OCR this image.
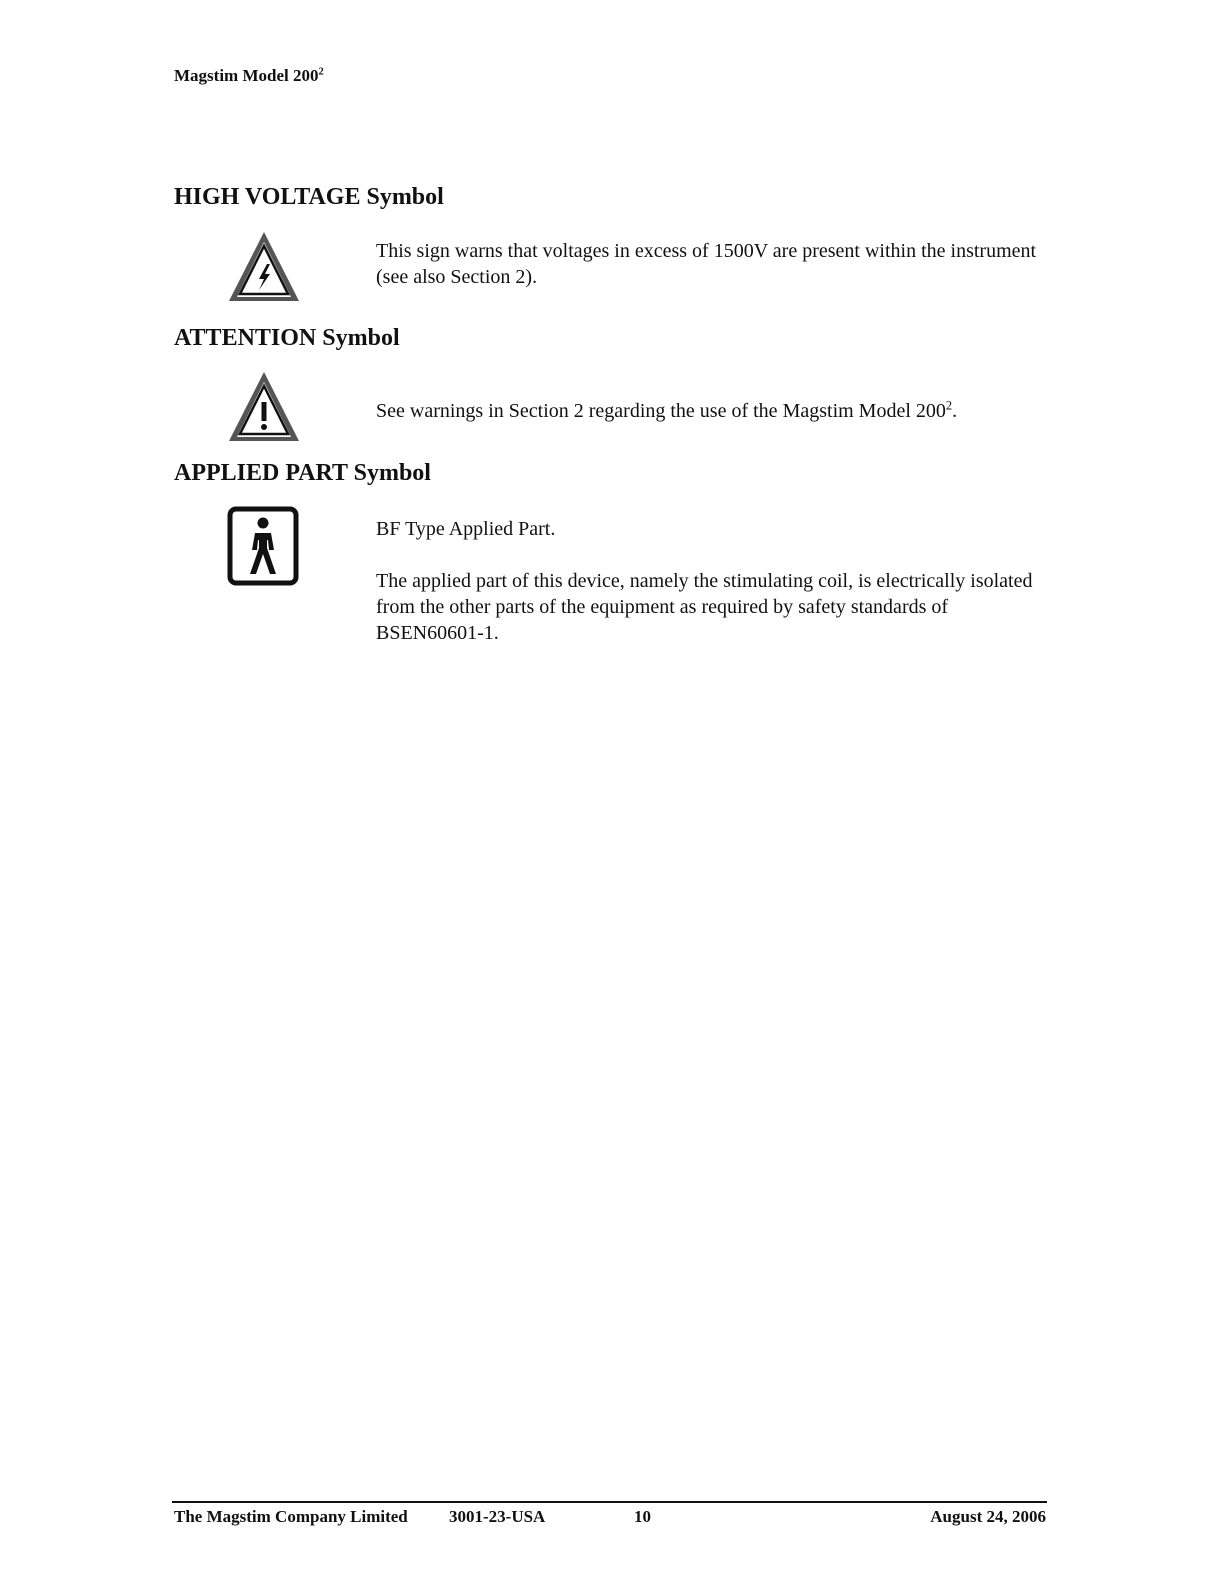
Magstim Model $200^2$
HIGH VOLTAGE Symbol

This sign warns that voltages in excess of 1500V are present within the instrument (see also Section 2).

ATTENTION Symbol

See warnings in Section 2 regarding the use of the Magstim Model $200^2$.

APPLIED PART Symbol

BF Type Applied Part.

The applied part of this device, namely the stimulating coil, is electrically isolated from the other parts of the equipment as required by safety standards of BSEN60601-1.

The Magstim Company Limited 3001-23-USA	10	August 24, 2006
